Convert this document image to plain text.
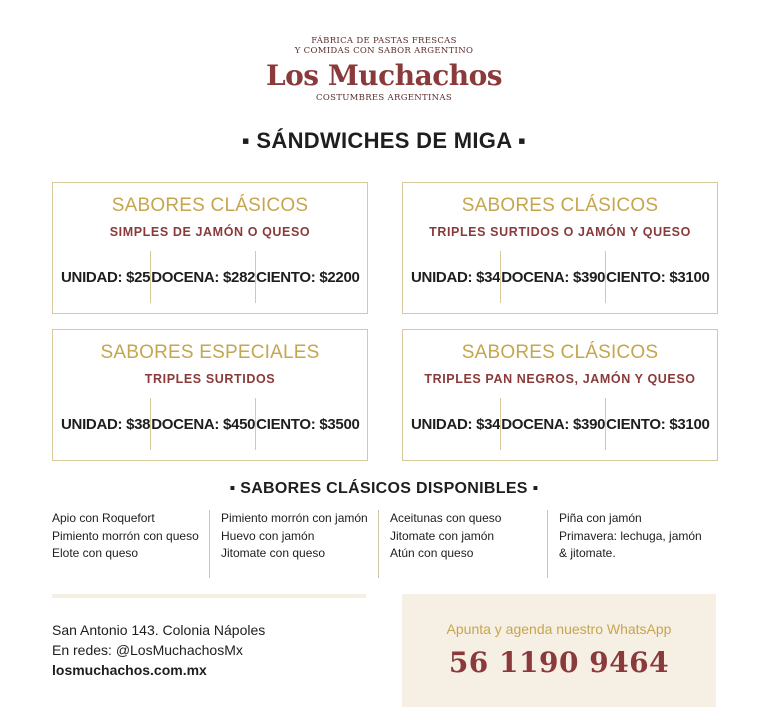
FÁBRICA DE PASTAS FRESCAS
Y COMIDAS CON SABOR ARGENTINO
Los Muchachos
COSTUMBRES ARGENTINAS
▪ SÁNDWICHES DE MIGA ▪
SABORES CLÁSICOS
SIMPLES DE JAMÓN O QUESO
UNIDAD: $25 DOCENA: $282 CIENTO: $2200
SABORES CLÁSICOS
TRIPLES SURTIDOS O JAMÓN Y QUESO
UNIDAD: $34 DOCENA: $390 CIENTO: $3100
SABORES ESPECIALES
TRIPLES SURTIDOS
UNIDAD: $38 DOCENA: $450 CIENTO: $3500
SABORES CLÁSICOS
TRIPLES PAN NEGROS, JAMÓN Y QUESO
UNIDAD: $34 DOCENA: $390 CIENTO: $3100
▪ SABORES CLÁSICOS DISPONIBLES ▪
Apio con Roquefort
Pimiento morrón con queso
Elote con queso
Pimiento morrón con jamón
Huevo con jamón
Jitomate con queso
Aceitunas con queso
Jitomate con jamón
Atún con queso
Piña con jamón
Primavera: lechuga, jamón
& jitomate.
San Antonio 143. Colonia Nápoles
En redes: @LosMuchachosMx
losmuchachos.com.mx
Apunta y agenda nuestro WhatsApp
56 1190 9464
